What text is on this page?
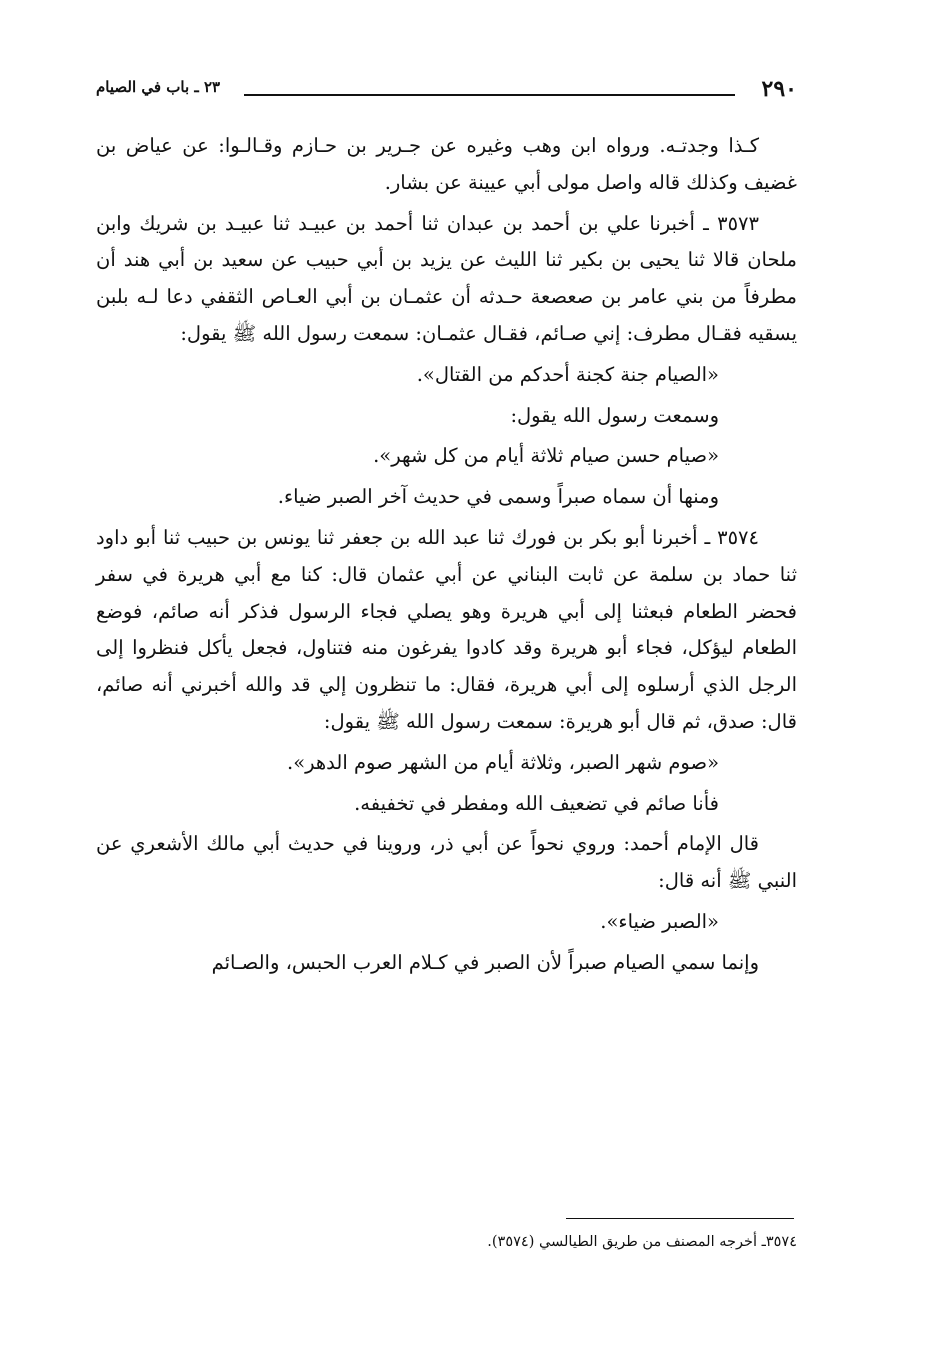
٢٩٠
٢٣ ـ باب في الصيام

كـذا وجدتـه. ورواه ابن وهب وغيره عن جـرير بن حـازم وقـالـوا: عن عياض بن غضيف وكذلك قاله واصل مولى أبي عيينة عن بشار.

٣٥٧٣ ـ أخبرنا علي بن أحمد بن عبدان ثنا أحمد بن عبيـد ثنا عبيـد بن شريك وابن ملحان قالا ثنا يحيى بن بكير ثنا الليث عن يزيد بن أبي حبيب عن سعيد بن أبي هند أن مطرفاً من بني عامر بن صعصعة حـدثه أن عثمـان بن أبي العـاص الثقفي دعا لـه بلبن يسقيه فقـال مطرف: إني صـائم، فقـال عثمـان: سمعت رسول الله ﷺ يقول:

«الصيام جنة كجنة أحدكم من القتال».

وسمعت رسول الله يقول:

«صيام حسن صيام ثلاثة أيام من كل شهر».

ومنها أن سماه صبراً وسمى في حديث آخر الصبر ضياء.

٣٥٧٤ ـ أخبرنا أبو بكر بن فورك ثنا عبد الله بن جعفر ثنا يونس بن حبيب ثنا أبو داود ثنا حماد بن سلمة عن ثابت البناني عن أبي عثمان قال: كنا مع أبي هريرة في سفر فحضر الطعام فبعثنا إلى أبي هريرة وهو يصلي فجاء الرسول فذكر أنه صائم، فوضع الطعام ليؤكل، فجاء أبو هريرة وقد كادوا يفرغون منه فتناول، فجعل يأكل فنظروا إلى الرجل الذي أرسلوه إلى أبي هريرة، فقال: ما تنظرون إلي قد والله أخبرني أنه صائم، قال: صدق، ثم قال أبو هريرة: سمعت رسول الله ﷺ يقول:

«صوم شهر الصبر، وثلاثة أيام من الشهر صوم الدهر».

فأنا صائم في تضعيف الله ومفطر في تخفيفه.

قال الإمام أحمد: وروي نحواً عن أبي ذر، وروينا في حديث أبي مالك الأشعري عن النبي ﷺ أنه قال:

«الصبر ضياء».

وإنما سمي الصيام صبراً لأن الصبر في كـلام العرب الحبس، والصـائم

٣٥٧٤ـ أخرجه المصنف من طريق الطيالسي (٣٥٧٤).
